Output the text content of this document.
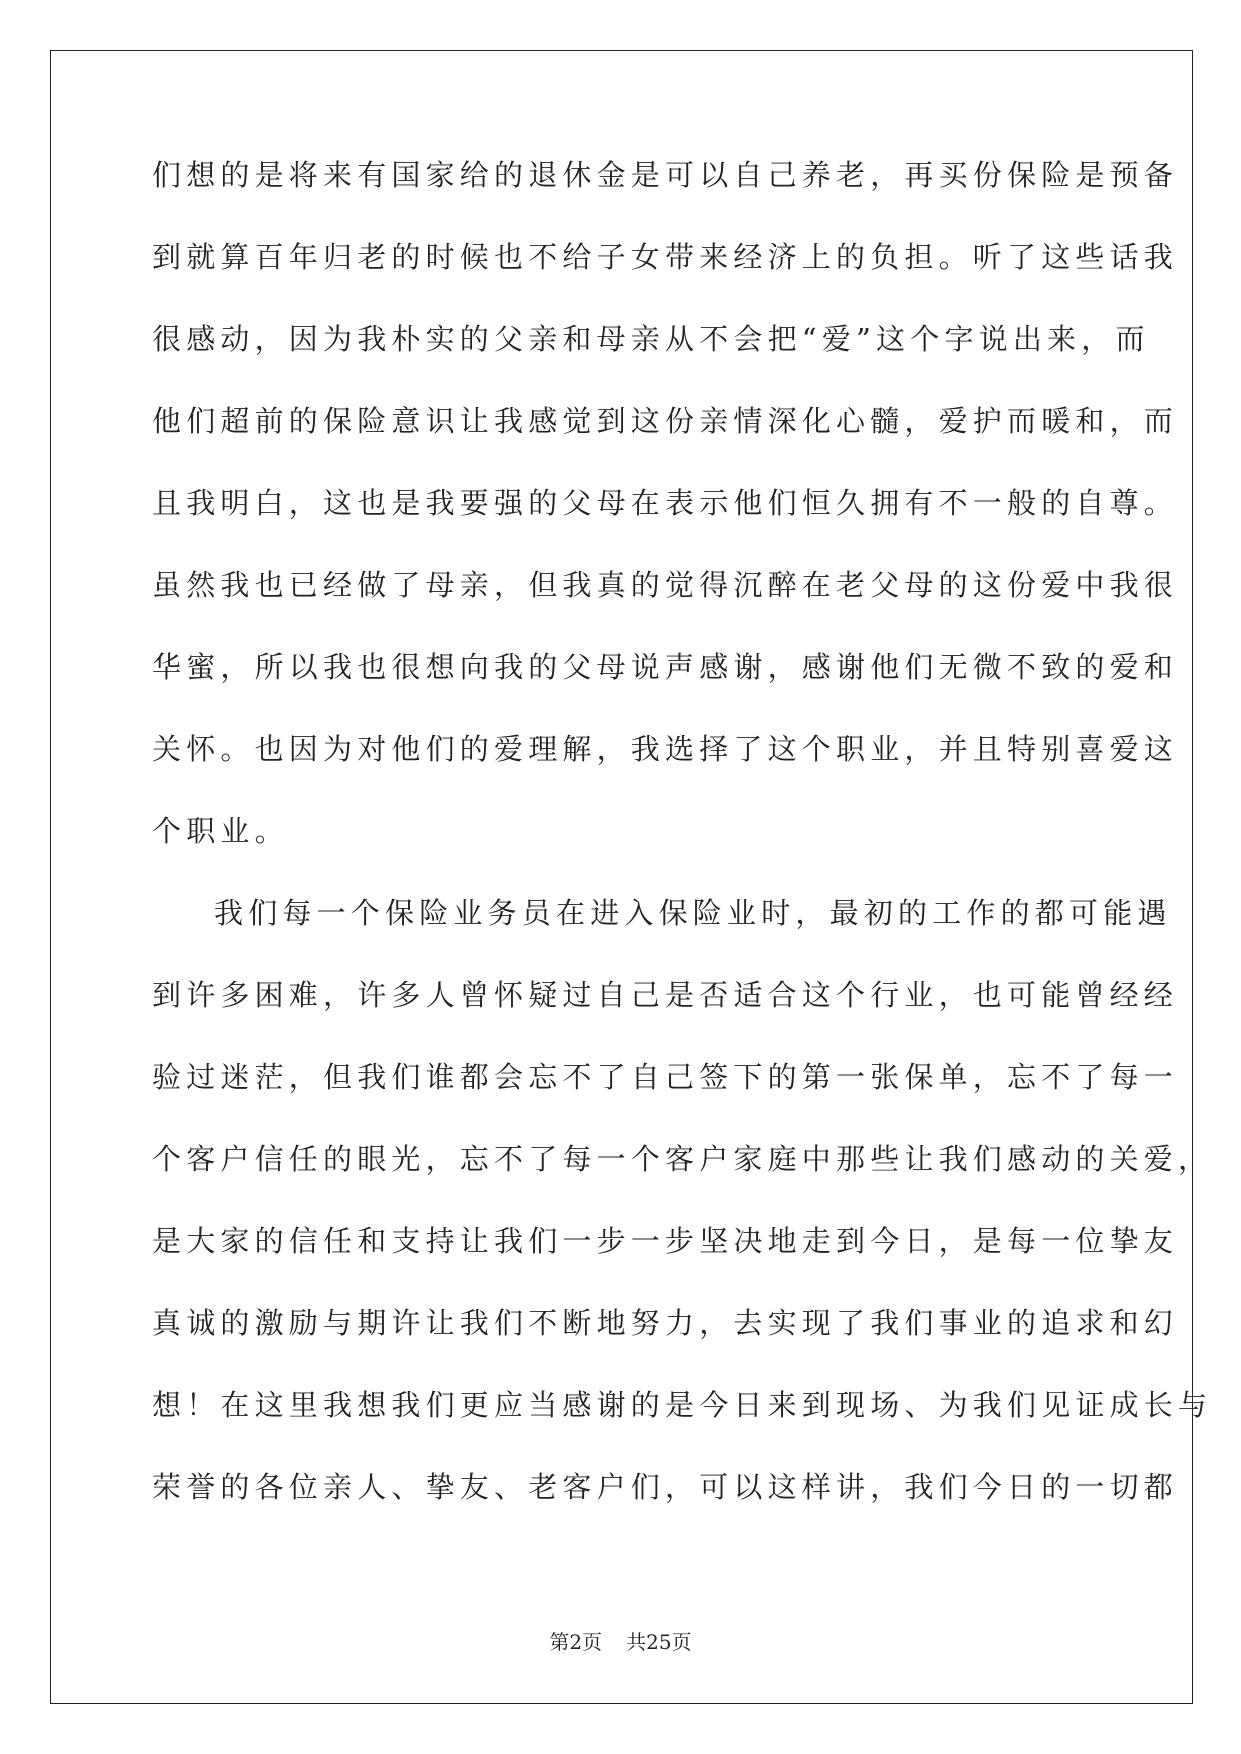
们想的是将来有国家给的退休金是可以自己养老，再买份保险是预备
到就算百年归老的时候也不给子女带来经济上的负担。听了这些话我
很感动，因为我朴实的父亲和母亲从不会把“爱”这个字说出来，而
他们超前的保险意识让我感觉到这份亲情深化心髓，爱护而暖和，而
且我明白，这也是我要强的父母在表示他们恒久拥有不一般的自尊。
虽然我也已经做了母亲，但我真的觉得沉醉在老父母的这份爱中我很
华蜜，所以我也很想向我的父母说声感谢，感谢他们无微不致的爱和
关怀。也因为对他们的爱理解，我选择了这个职业，并且特别喜爱这
个职业。
我们每一个保险业务员在进入保险业时，最初的工作的都可能遇
到许多困难，许多人曾怀疑过自己是否适合这个行业，也可能曾经经
验过迷茫，但我们谁都会忘不了自己签下的第一张保单，忘不了每一
个客户信任的眼光，忘不了每一个客户家庭中那些让我们感动的关爱，
是大家的信任和支持让我们一步一步坚决地走到今日，是每一位挚友
真诚的激励与期许让我们不断地努力，去实现了我们事业的追求和幻
想！在这里我想我们更应当感谢的是今日来到现场、为我们见证成长与
荣誉的各位亲人、挚友、老客户们，可以这样讲，我们今日的一切都
第2页 共25页
